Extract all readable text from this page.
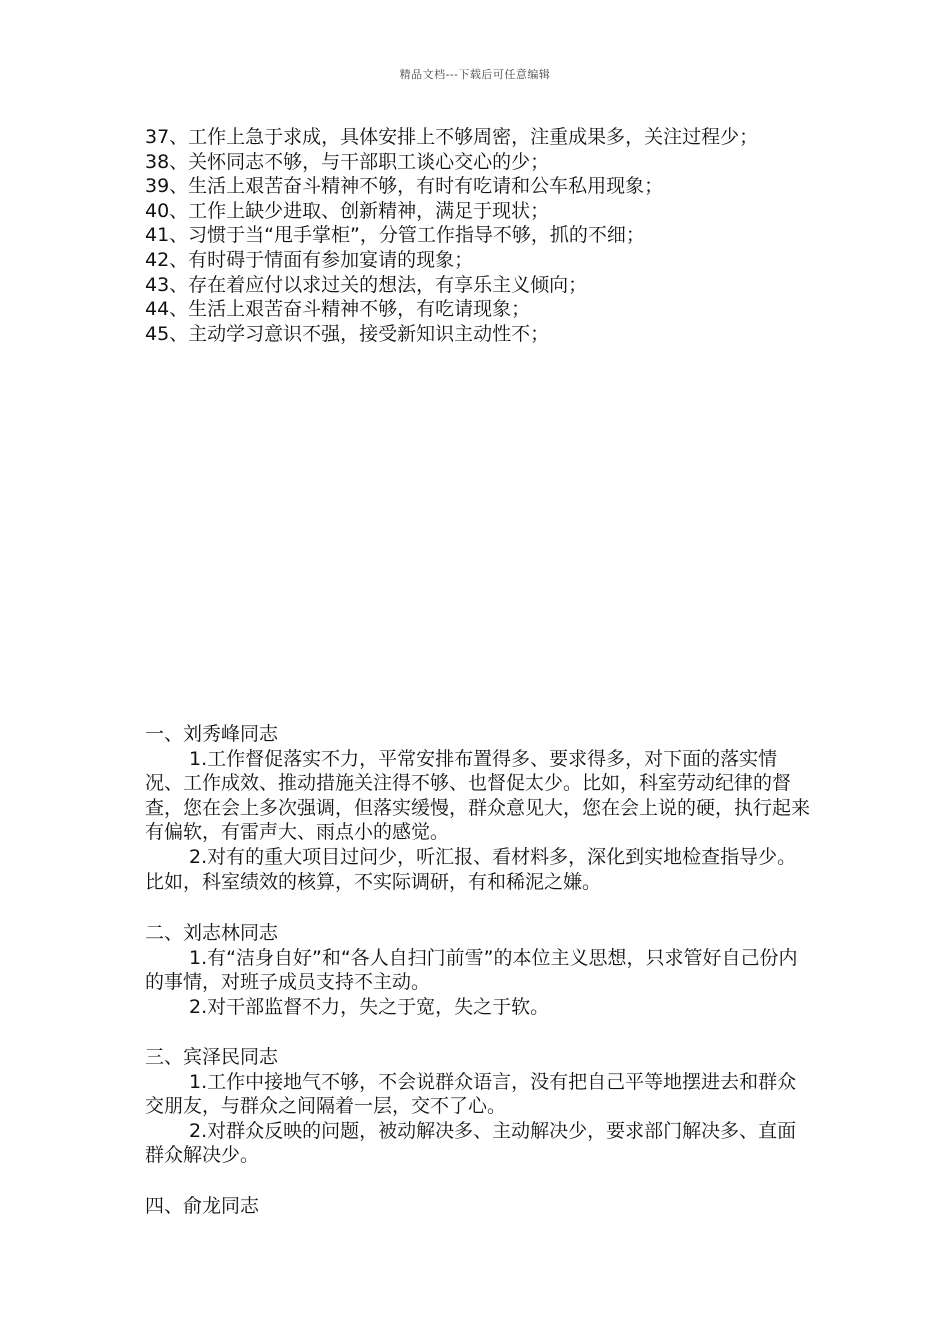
精品文档---下载后可任意编辑

37、工作上急于求成，具体安排上不够周密，注重成果多，关注过程少；

38、关怀同志不够，与干部职工谈心交心的少；

39、生活上艰苦奋斗精神不够，有时有吃请和公车私用现象；

40、工作上缺少进取、创新精神，满足于现状；

41、习惯于当“甩手掌柜”，分管工作指导不够，抓的不细；

42、有时碍于情面有参加宴请的现象；

43、存在着应付以求过关的想法，有享乐主义倾向；

44、生活上艰苦奋斗精神不够，有吃请现象；

45、主动学习意识不强，接受新知识主动性不；

一、刘秀峰同志

1.工作督促落实不力，平常安排布置得多、要求得多，对下面的落实情况、工作成效、推动措施关注得不够、也督促太少。比如，科室劳动纪律的督查，您在会上多次强调，但落实缓慢，群众意见大，您在会上说的硬，执行起来有偏软，有雷声大、雨点小的感觉。

2.对有的重大项目过问少，听汇报、看材料多，深化到实地检查指导少。比如，科室绩效的核算，不实际调研，有和稀泥之嫌。

二、刘志林同志

1.有“洁身自好”和“各人自扫门前雪”的本位主义思想，只求管好自己份内的事情，对班子成员支持不主动。

2.对干部监督不力，失之于宽，失之于软。

三、宾泽民同志

1.工作中接地气不够，不会说群众语言，没有把自己平等地摆进去和群众交朋友，与群众之间隔着一层，交不了心。

2.对群众反映的问题，被动解决多、主动解决少，要求部门解决多、直面群众解决少。

四、俞龙同志
